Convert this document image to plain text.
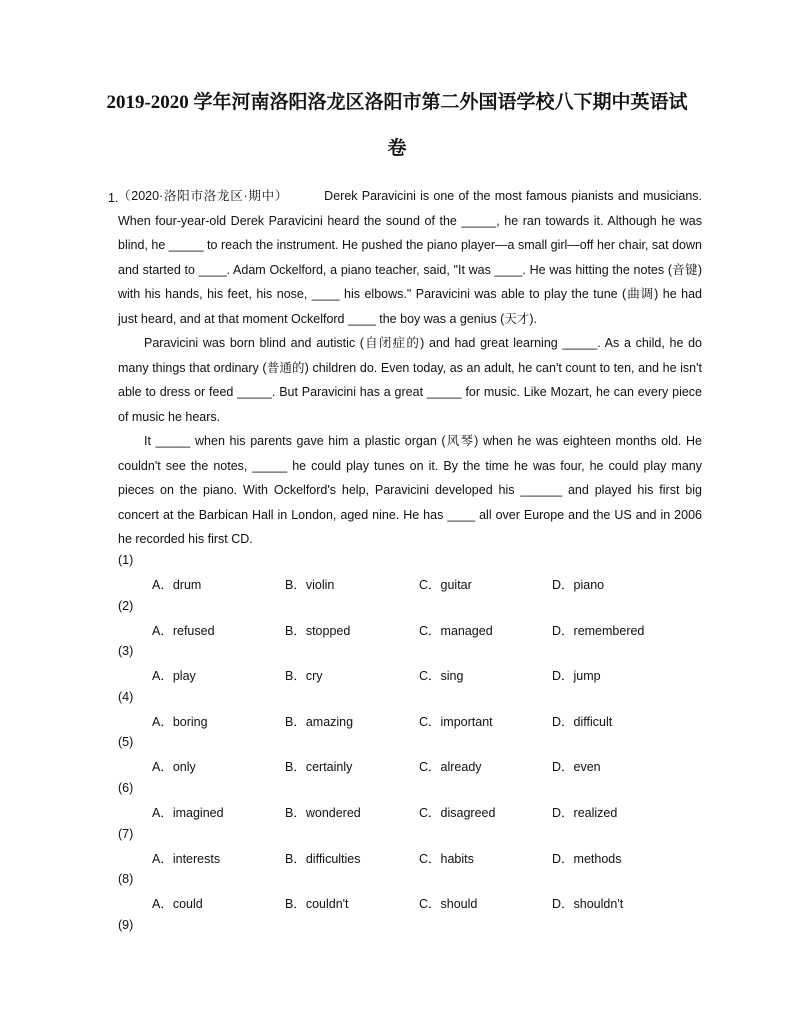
2019-2020 学年河南洛阳洛龙区洛阳市第二外国语学校八下期中英语试
卷
1. （2020·洛阳市洛龙区·期中）	Derek Paravicini is one of the most famous pianists and musicians. When four-year-old Derek Paravicini heard the sound of the _____, he ran towards it. Although he was blind, he _____ to reach the instrument. He pushed the piano player—a small girl—off her chair, sat down and started to ____. Adam Ockelford, a piano teacher, said, "It was ____. He was hitting the notes (音键) with his hands, his feet, his nose, ____ his elbows." Paravicini was able to play the tune (曲调) he had just heard, and at that moment Ockelford ____ the boy was a genius (天才).

Paravicini was born blind and autistic (自闭症的) and had great learning _____. As a child, he do many things that ordinary (普通的) children do. Even today, as an adult, he can't count to ten, and he isn't able to dress or feed _____. But Paravicini has a great _____ for music. Like Mozart, he can every piece of music he hears.

It _____ when his parents gave him a plastic organ (风琴) when he was eighteen months old. He couldn't see the notes, _____ he could play tunes on it. By the time he was four, he could play many pieces on the piano. With Ockelford's help, Paravicini developed his ______ and played his first big concert at the Barbican Hall in London, aged nine. He has ____ all over Europe and the US and in 2006 he recorded his first CD.

(1)
A．drum	B．violin	C．guitar	D．piano
(2)
A．refused	B．stopped	C．managed	D．remembered
(3)
A．play	B．cry	C．sing	D．jump
(4)
A．boring	B．amazing	C．important	D．difficult
(5)
A．only	B．certainly	C．already	D．even
(6)
A．imagined	B．wondered	C．disagreed	D．realized
(7)
A．interests	B．difficulties	C．habits	D．methods
(8)
A．could	B．couldn't	C．should	D．shouldn't
(9)
